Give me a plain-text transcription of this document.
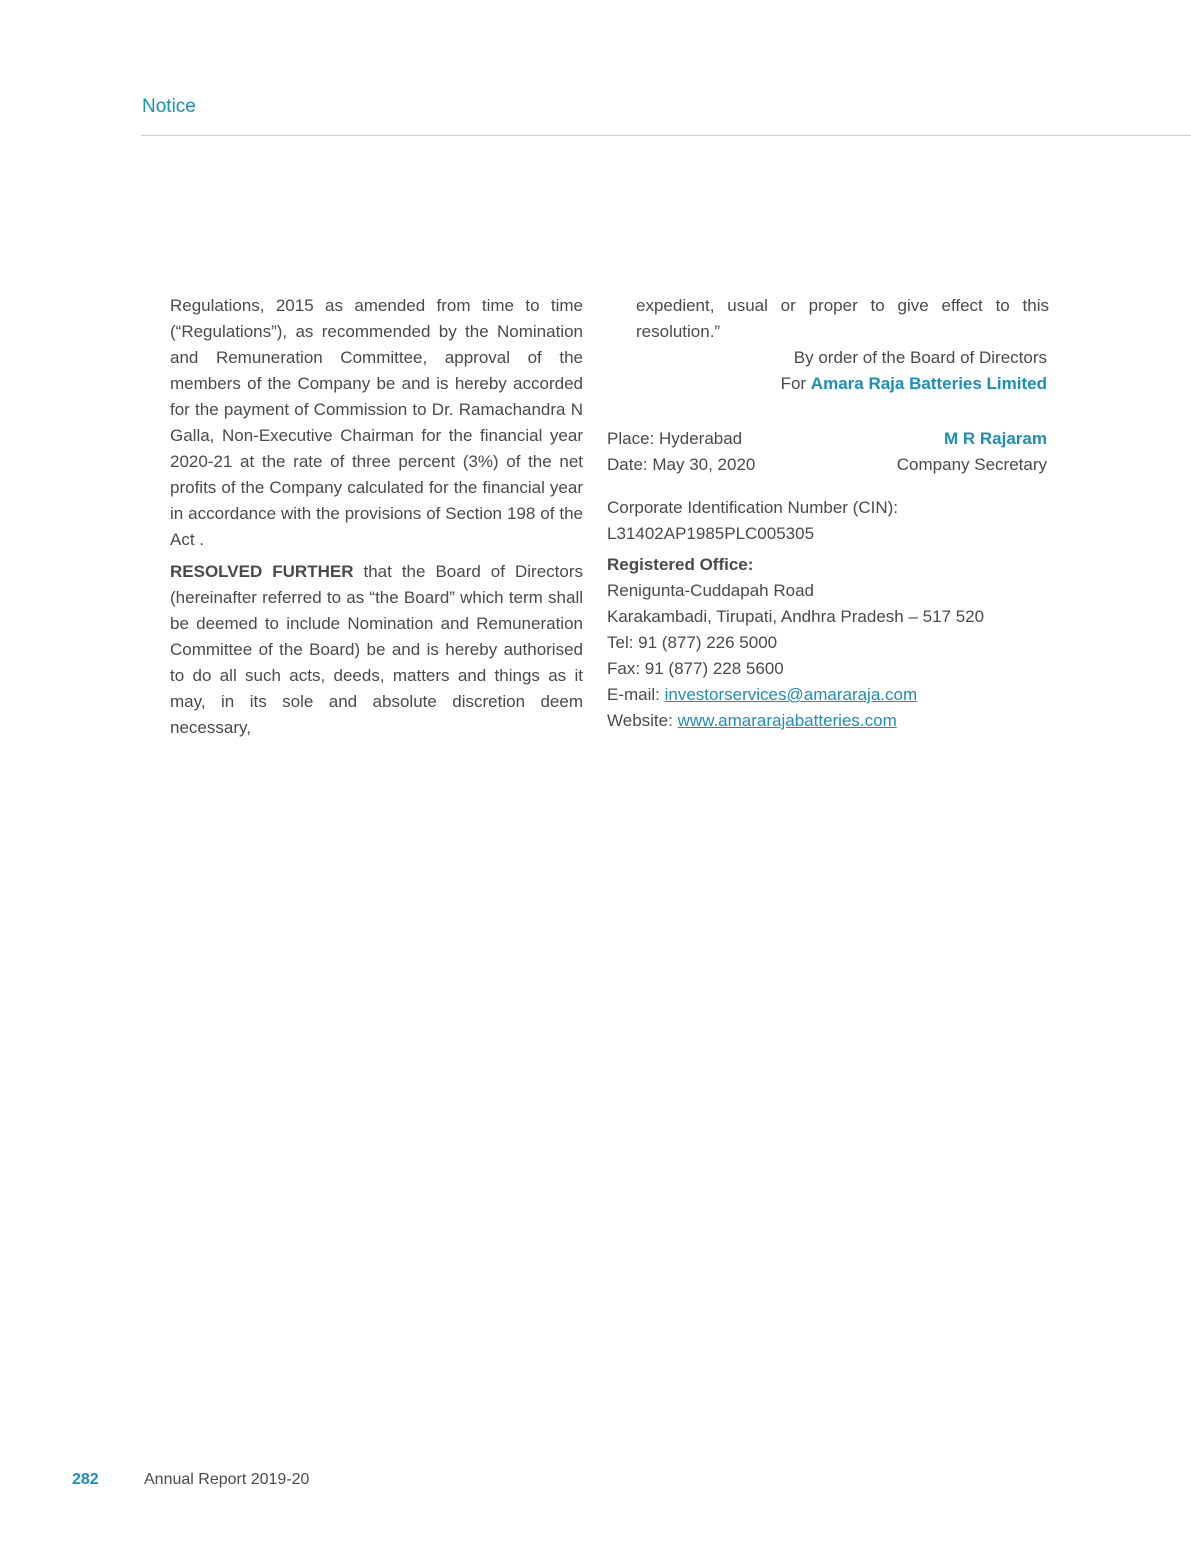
Notice

Regulations, 2015 as amended from time to time (“Regulations”), as recommended by the Nomination and Remuneration Committee, approval of the members of the Company be and is hereby accorded for the payment of Commission to Dr. Ramachandra N Galla, Non-Executive Chairman for the financial year 2020-21 at the rate of three percent (3%) of the net profits of the Company calculated for the financial year in accordance with the provisions of Section 198 of the Act .

RESOLVED FURTHER that the Board of Directors (hereinafter referred to as “the Board” which term shall be deemed to include Nomination and Remuneration Committee of the Board) be and is hereby authorised to do all such acts, deeds, matters and things as it may, in its sole and absolute discretion deem necessary,

expedient, usual or proper to give effect to this resolution.”
By order of the Board of Directors
For Amara Raja Batteries Limited
Place: Hyderabad	M R Rajaram
Date: May 30, 2020	Company Secretary
Corporate Identification Number (CIN):
L31402AP1985PLC005305
Registered Office:
Renigunta-Cuddapah Road
Karakambadi, Tirupati, Andhra Pradesh – 517 520
Tel: 91 (877) 226 5000
Fax: 91 (877) 228 5600
E-mail: investorservices@amararaja.com
Website: www.amararajabatteries.com
282	Annual Report 2019-20
